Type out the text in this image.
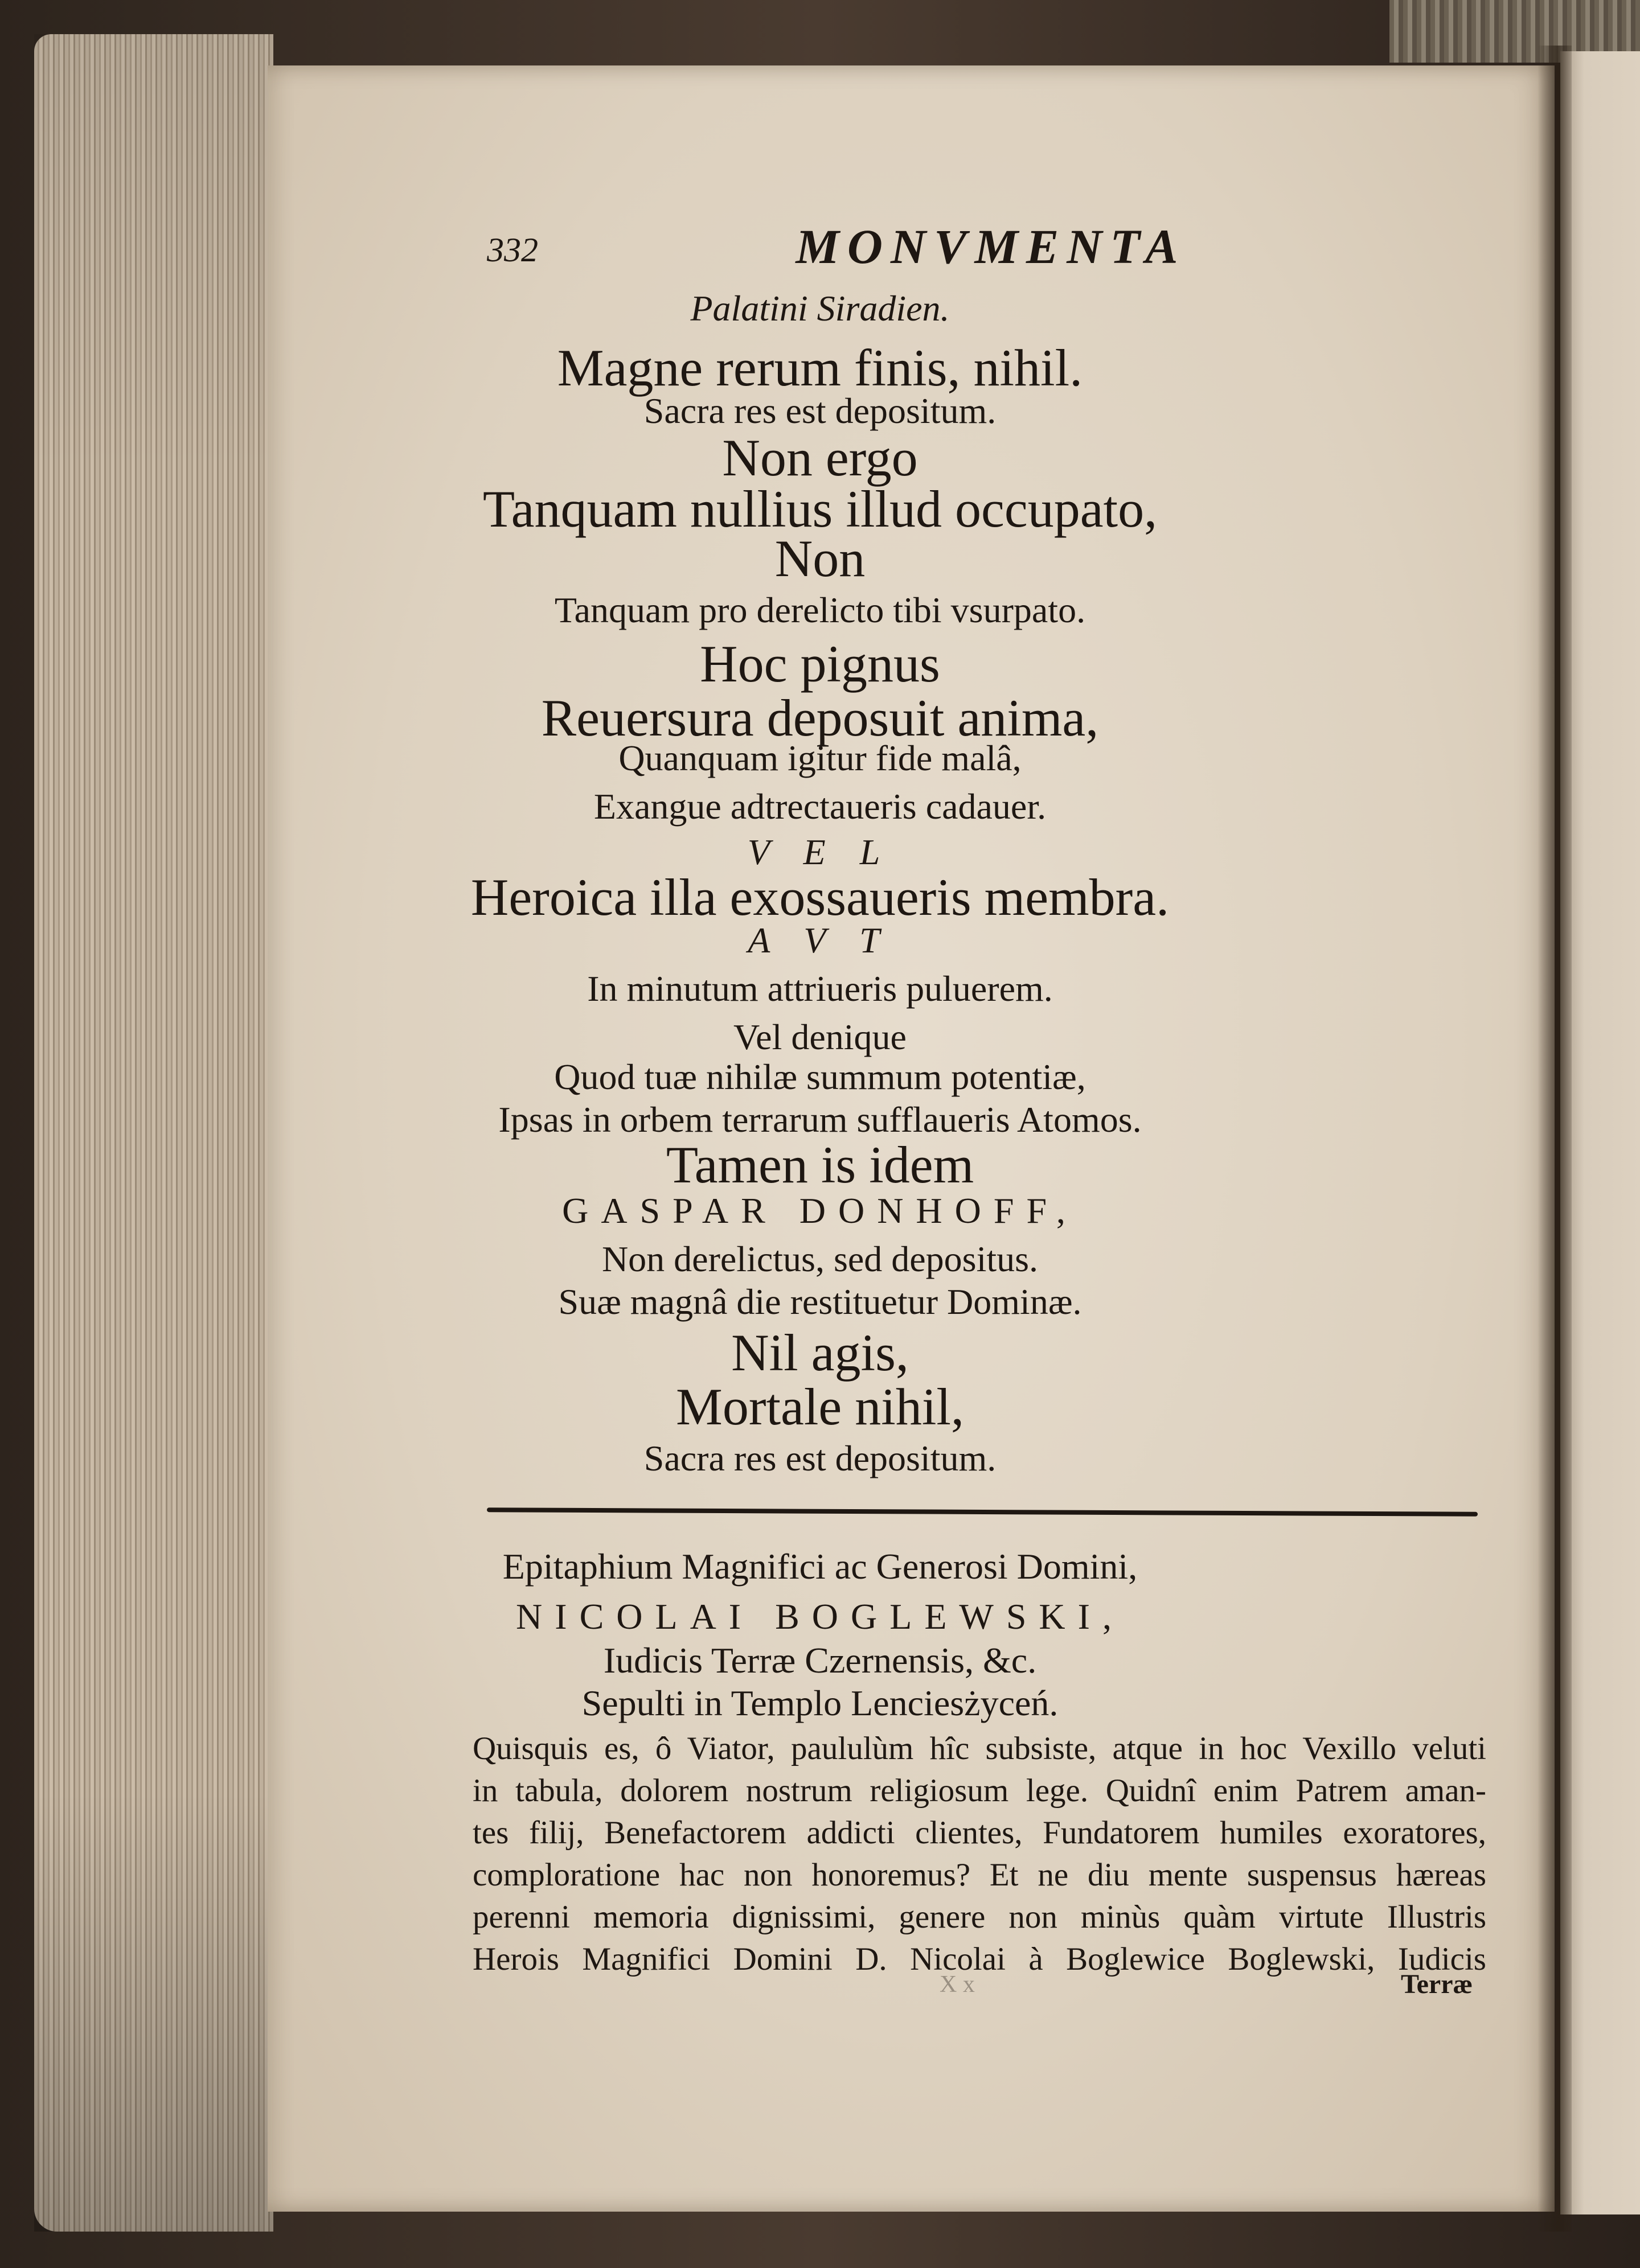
332	MONVMENTA
Palatini Siradien.
Magne rerum finis, nihil.
Sacra res est depositum.
Non ergo
Tanquam nullius illud occupato,
Non
Tanquam pro derelicto tibi vsurpato.
Hoc pignus
Reuersura deposuit anima,
Quanquam igitur fide malâ,
Exangue adtrectaueris cadauer.
V E L
Heroica illa exossaueris membra.
A V T
In minutum attriueris puluerem.
Vel denique
Quod tuæ nihilæ summum potentiæ,
Ipsas in orbem terrarum sufflaueris Atomos.
Tamen is idem
GASPAR DONHOFF,
Non derelictus, sed depositus.
Suæ magnâ die restituetur Dominæ.
Nil agis,
Mortale nihil,
Sacra res est depositum.
Epitaphium Magnifici ac Generosi Domini,
NICOLAI BOGLEWSKI,
Iudicis Terræ Czernensis, &c.
Sepulti in Templo Lenciesżyceń.

Quisquis es, ô Viator, paululùm hîc subsiste, atque in hoc Vexillo veluti

in tabula, dolorem nostrum religiosum lege. Quidnî enim Patrem aman-

tes filij, Benefactorem addicti clientes, Fundatorem humiles exoratores,

comploratione hac non honoremus? Et ne diu mente suspensus hæreas

perenni memoria dignissimi, genere non minùs quàm virtute Illustris

Herois Magnifici Domini D. Nicolai à Boglewice Boglewski, Iudicis

X x	Terræ
